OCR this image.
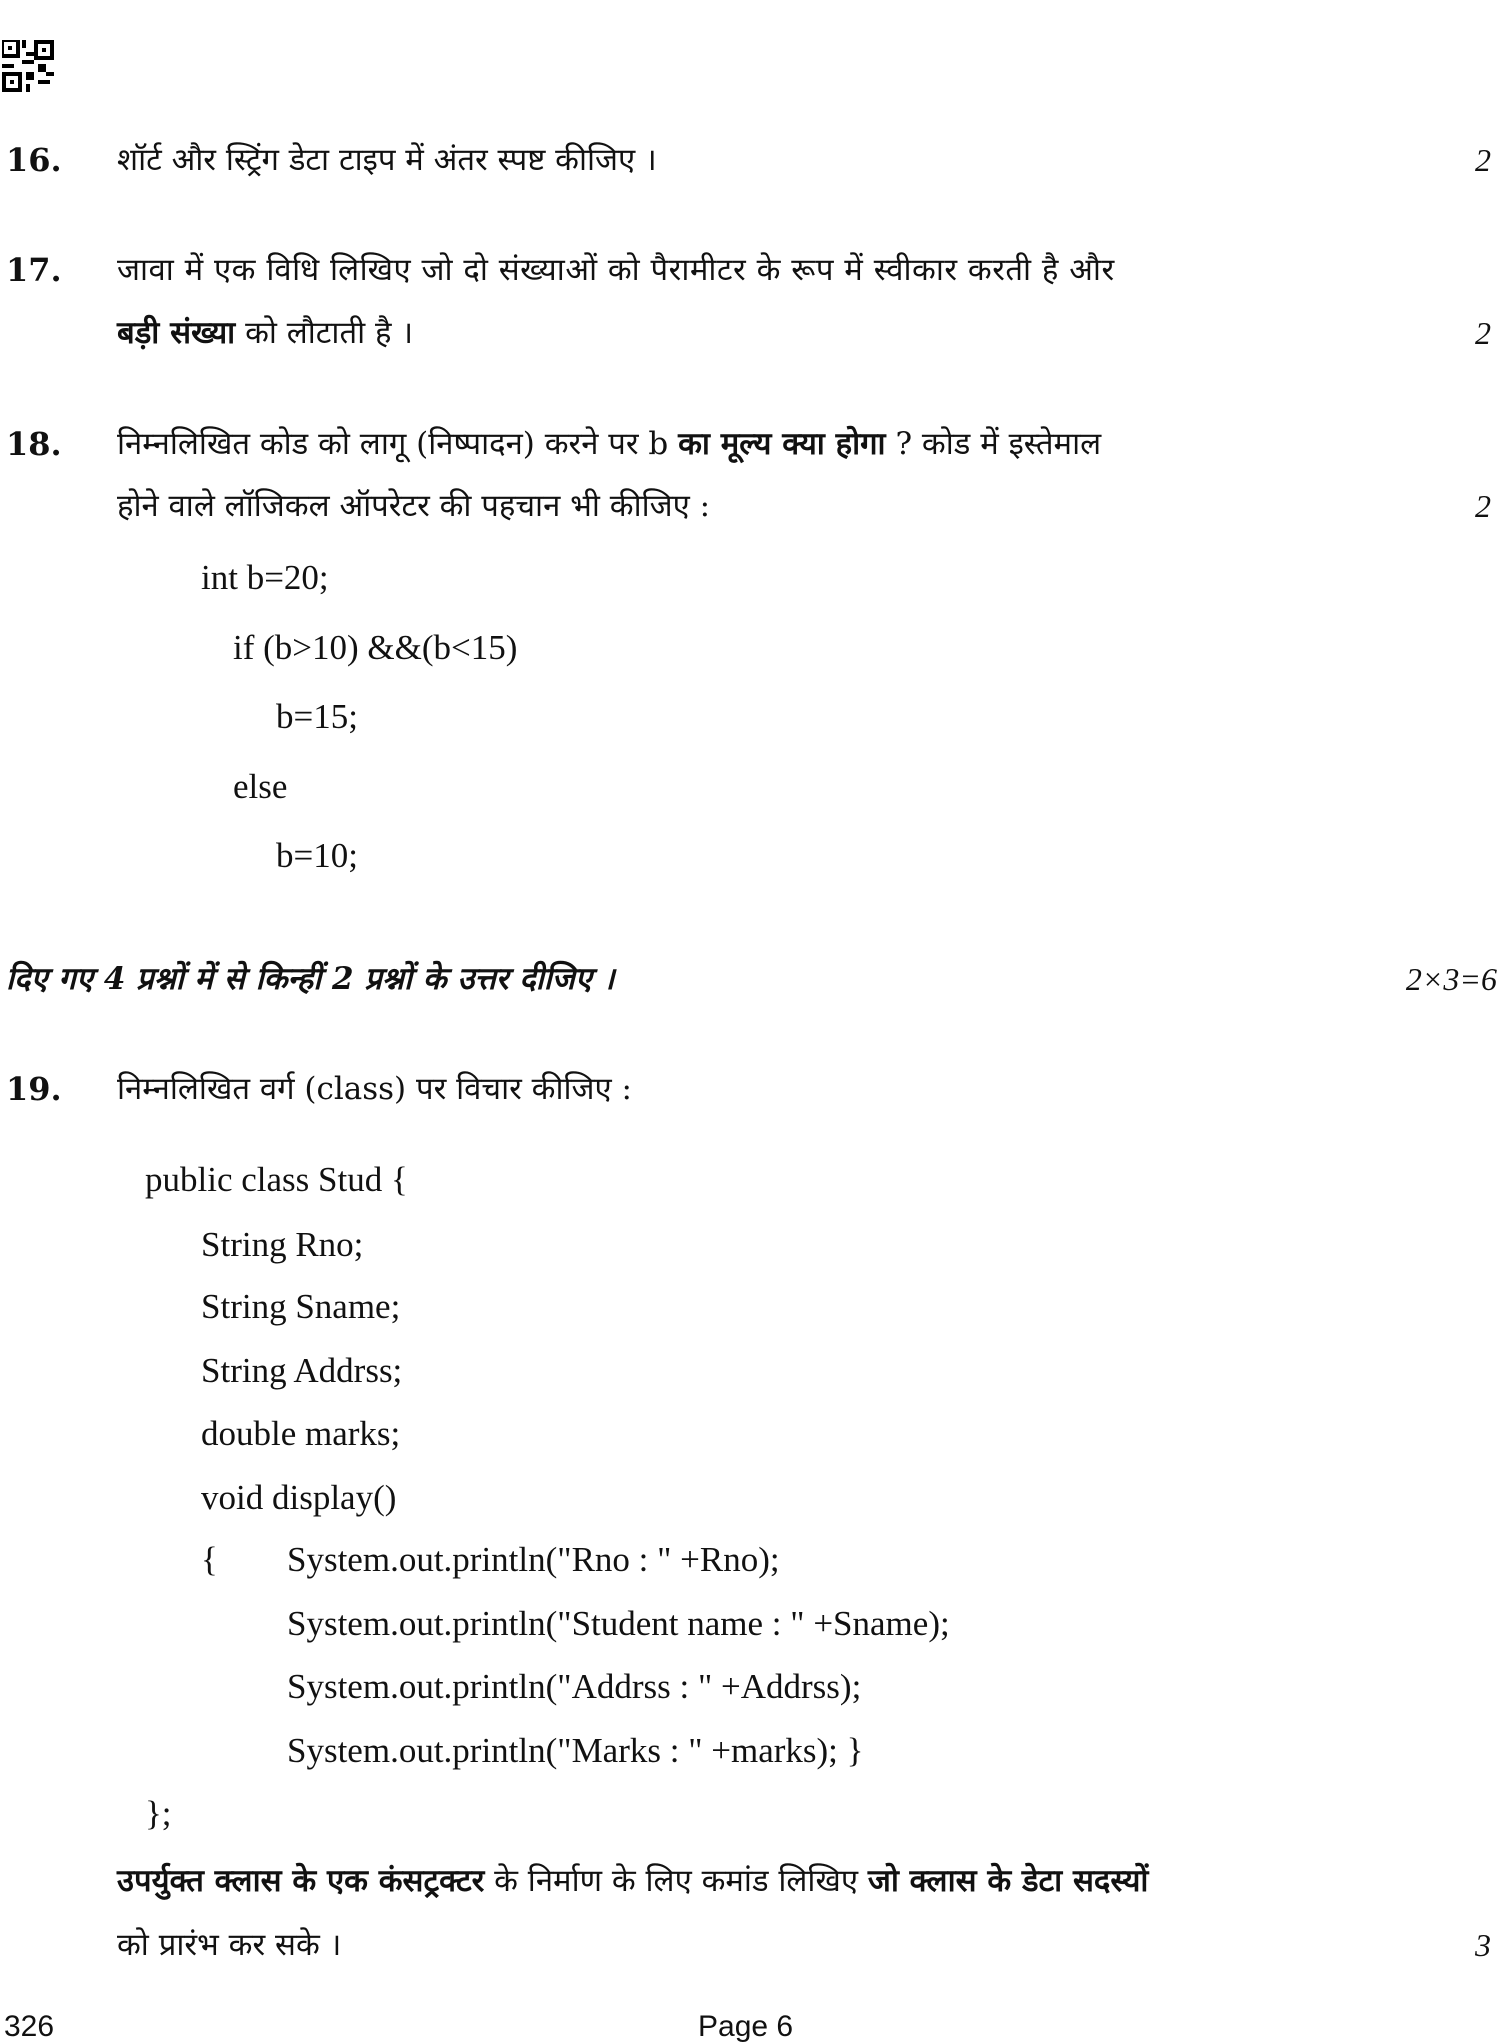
16. शॉर्ट और स्ट्रिंग डेटा टाइप में अंतर स्पष्ट कीजिए ।	2
17. जावा में एक विधि लिखिए जो दो संख्याओं को पैरामीटर के रूप में स्वीकार करती है और
बड़ी संख्या को लौटाती है ।	2
18. निम्नलिखित कोड को लागू (निष्पादन) करने पर b का मूल्य क्या होगा ? कोड में इस्तेमाल
होने वाले लॉजिकल ऑपरेटर की पहचान भी कीजिए :	2
int b=20;
if (b>10) &&(b<15)
b=15;
else
b=10;
दिए गए 4 प्रश्नों में से किन्हीं 2 प्रश्नों के उत्तर दीजिए ।	2×3=6
19. निम्नलिखित वर्ग (class) पर विचार कीजिए :
public class Stud {
String Rno;
String Sname;
String Addrss;
double marks;
void display()
{ System.out.println("Rno : " +Rno);
System.out.println("Student name : " +Sname);
System.out.println("Addrss : " +Addrss);
System.out.println("Marks : " +marks); }
};
उपर्युक्त क्लास के एक कंसट्रक्टर के निर्माण के लिए कमांड लिखिए जो क्लास के डेटा सदस्यों
को प्रारंभ कर सके ।	3
326	Page 6
